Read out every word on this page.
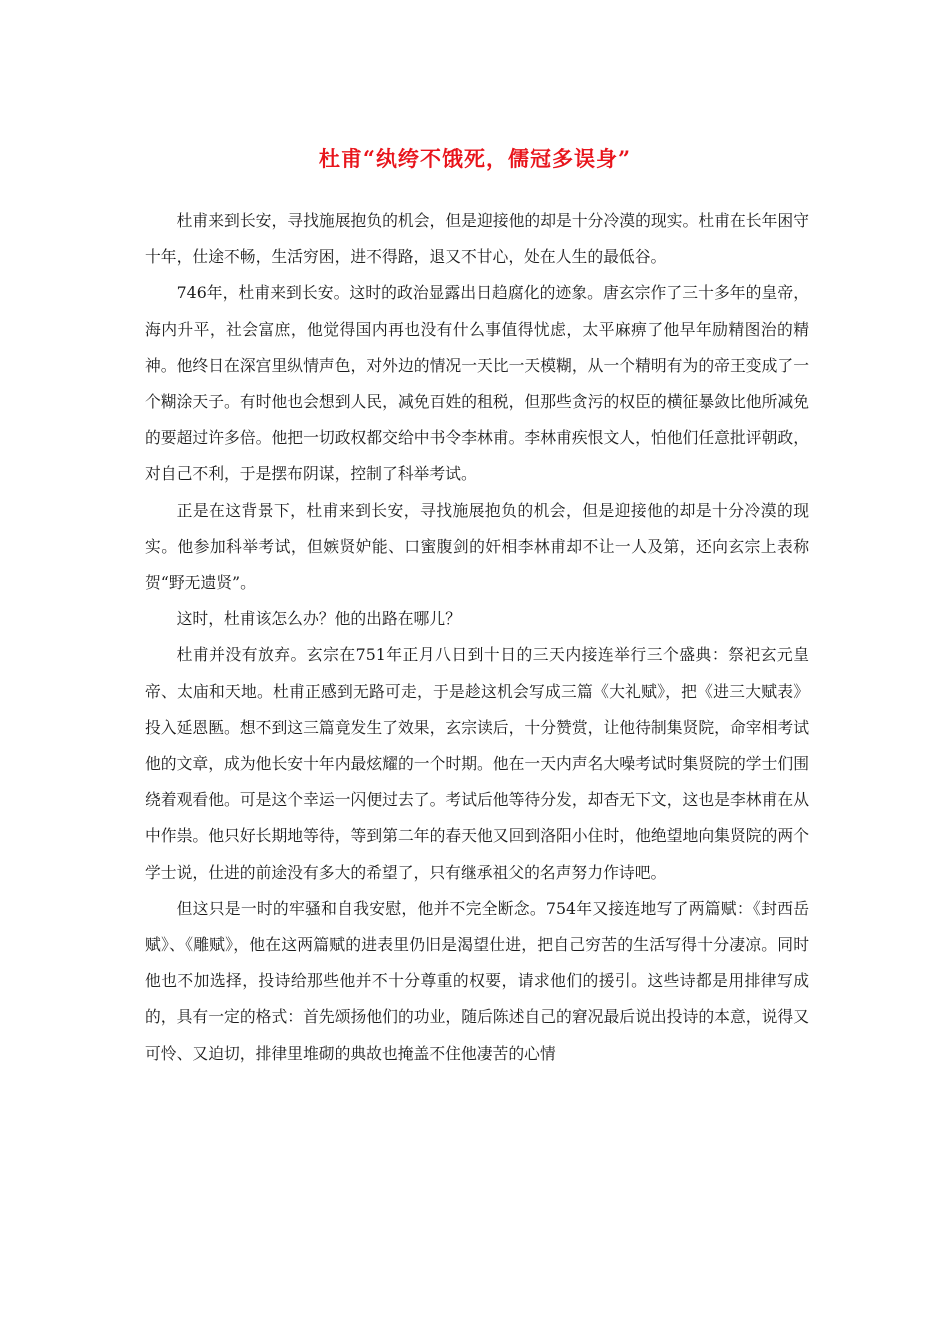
杜甫“纨绔不饿死，儒冠多误身”

杜甫来到长安，寻找施展抱负的机会，但是迎接他的却是十分冷漠的现实。杜甫在长年困守十年，仕途不畅，生活穷困，进不得路，退又不甘心，处在人生的最低谷。

746年，杜甫来到长安。这时的政治显露出日趋腐化的迹象。唐玄宗作了三十多年的皇帝，海内升平，社会富庶，他觉得国内再也没有什么事值得忧虑，太平麻痹了他早年励精图治的精神。他终日在深宫里纵情声色，对外边的情况一天比一天模糊，从一个精明有为的帝王变成了一个糊涂天子。有时他也会想到人民，减免百姓的租税，但那些贪污的权臣的横征暴敛比他所减免的要超过许多倍。他把一切政权都交给中书令李林甫。李林甫疾恨文人，怕他们任意批评朝政，对自己不利，于是摆布阴谋，控制了科举考试。

正是在这背景下，杜甫来到长安，寻找施展抱负的机会，但是迎接他的却是十分冷漠的现实。他参加科举考试，但嫉贤妒能、口蜜腹剑的奸相李林甫却不让一人及第，还向玄宗上表称贺“野无遗贤”。

这时，杜甫该怎么办？他的出路在哪儿？

杜甫并没有放弃。玄宗在751年正月八日到十日的三天内接连举行三个盛典：祭祀玄元皇帝、太庙和天地。杜甫正感到无路可走，于是趁这机会写成三篇《大礼赋》，把《进三大赋表》投入延恩匦。想不到这三篇竟发生了效果，玄宗读后，十分赞赏，让他待制集贤院，命宰相考试他的文章，成为他长安十年内最炫耀的一个时期。他在一天内声名大噪考试时集贤院的学士们围绕着观看他。可是这个幸运一闪便过去了。考试后他等待分发，却杳无下文，这也是李林甫在从中作祟。他只好长期地等待，等到第二年的春天他又回到洛阳小住时，他绝望地向集贤院的两个学士说，仕进的前途没有多大的希望了，只有继承祖父的名声努力作诗吧。

但这只是一时的牢骚和自我安慰，他并不完全断念。754年又接连地写了两篇赋：《封西岳赋》、《雕赋》，他在这两篇赋的进表里仍旧是渴望仕进，把自己穷苦的生活写得十分凄凉。同时他也不加选择，投诗给那些他并不十分尊重的权要，请求他们的援引。这些诗都是用排律写成的，具有一定的格式：首先颂扬他们的功业，随后陈述自己的窘况最后说出投诗的本意，说得又可怜、又迫切，排律里堆砌的典故也掩盖不住他凄苦的心情
